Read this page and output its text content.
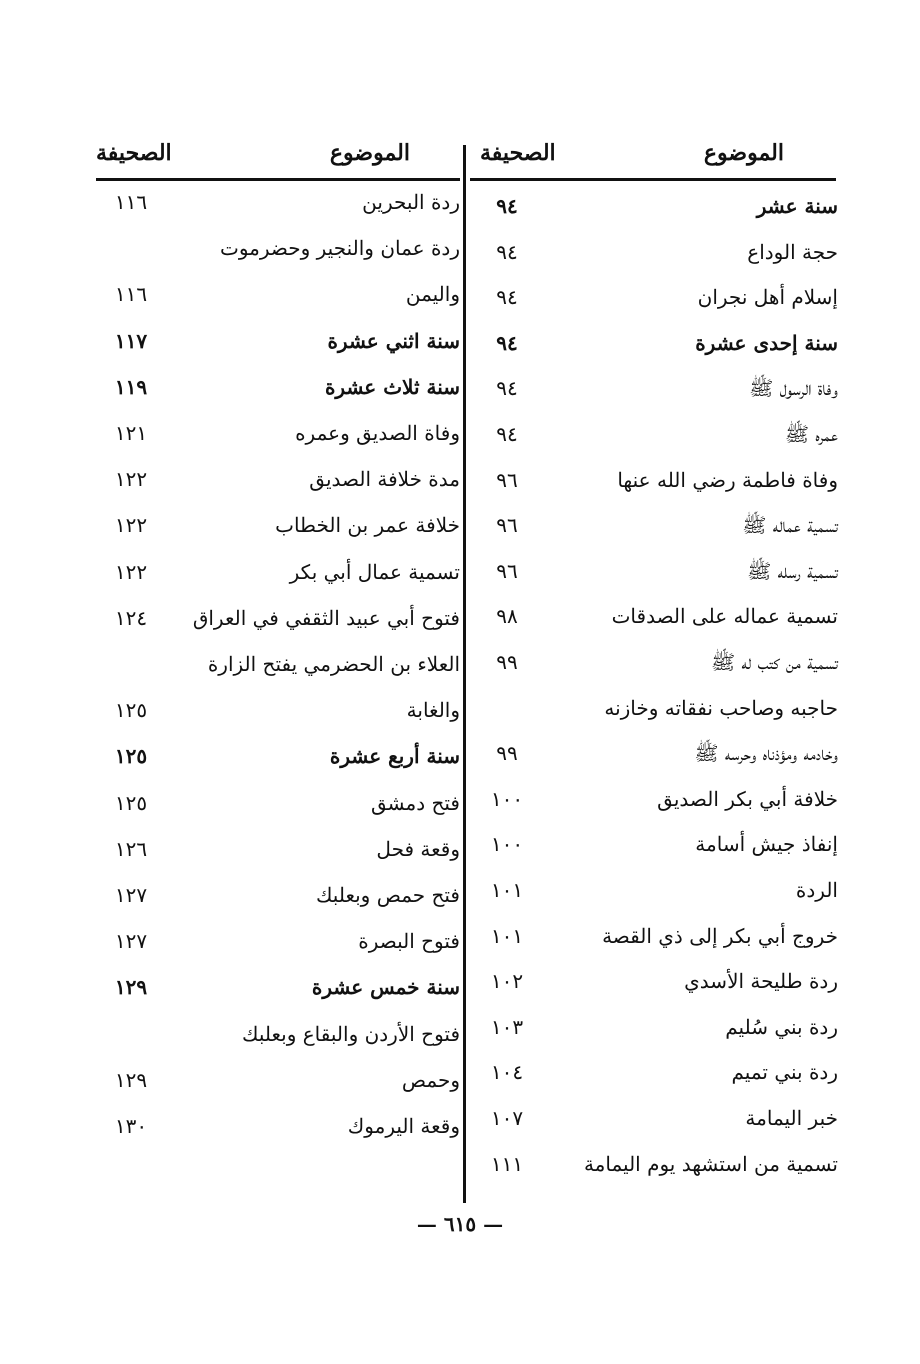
الموضوع
الصحيفة
سنة عشر
٩٤
حجة الوداع
٩٤
إسلام أهل نجران
٩٤
سنة إحدى عشرة
٩٤
وفاة الرسول ﷺ
٩٤
عمره ﷺ
٩٤
وفاة فاطمة رضي الله عنها
٩٦
تسمية عماله ﷺ
٩٦
تسمية رسله ﷺ
٩٦
تسمية عماله على الصدقات
٩٨
تسمية من كتب له ﷺ
٩٩
حاجبه وصاحب نفقاته وخازنه
وخادمه ومؤذناه وحرسه ﷺ
٩٩
خلافة أبي بكر الصديق
١٠٠
إنفاذ جيش أسامة
١٠٠
الردة
١٠١
خروج أبي بكر إلى ذي القصة
١٠١
ردة طليحة الأسدي
١٠٢
ردة بني سُليم
١٠٣
ردة بني تميم
١٠٤
خبر اليمامة
١٠٧
تسمية من استشهد يوم اليمامة
١١١
الموضوع
الصحيفة
ردة البحرين
١١٦
ردة عمان والنجير وحضرموت
واليمن
١١٦
سنة اثني عشرة
١١٧
سنة ثلاث عشرة
١١٩
وفاة الصديق وعمره
١٢١
مدة خلافة الصديق
١٢٢
خلافة عمر بن الخطاب
١٢٢
تسمية عمال أبي بكر
١٢٢
فتوح أبي عبيد الثقفي في العراق
١٢٤
العلاء بن الحضرمي يفتح الزارة
والغابة
١٢٥
سنة أربع عشرة
١٢٥
فتح دمشق
١٢٥
وقعة فحل
١٢٦
فتح حمص وبعلبك
١٢٧
فتوح البصرة
١٢٧
سنة خمس عشرة
١٢٩
فتوح الأردن والبقاع وبعلبك
وحمص
١٢٩
وقعة اليرموك
١٣٠
— ٦١٥ —
